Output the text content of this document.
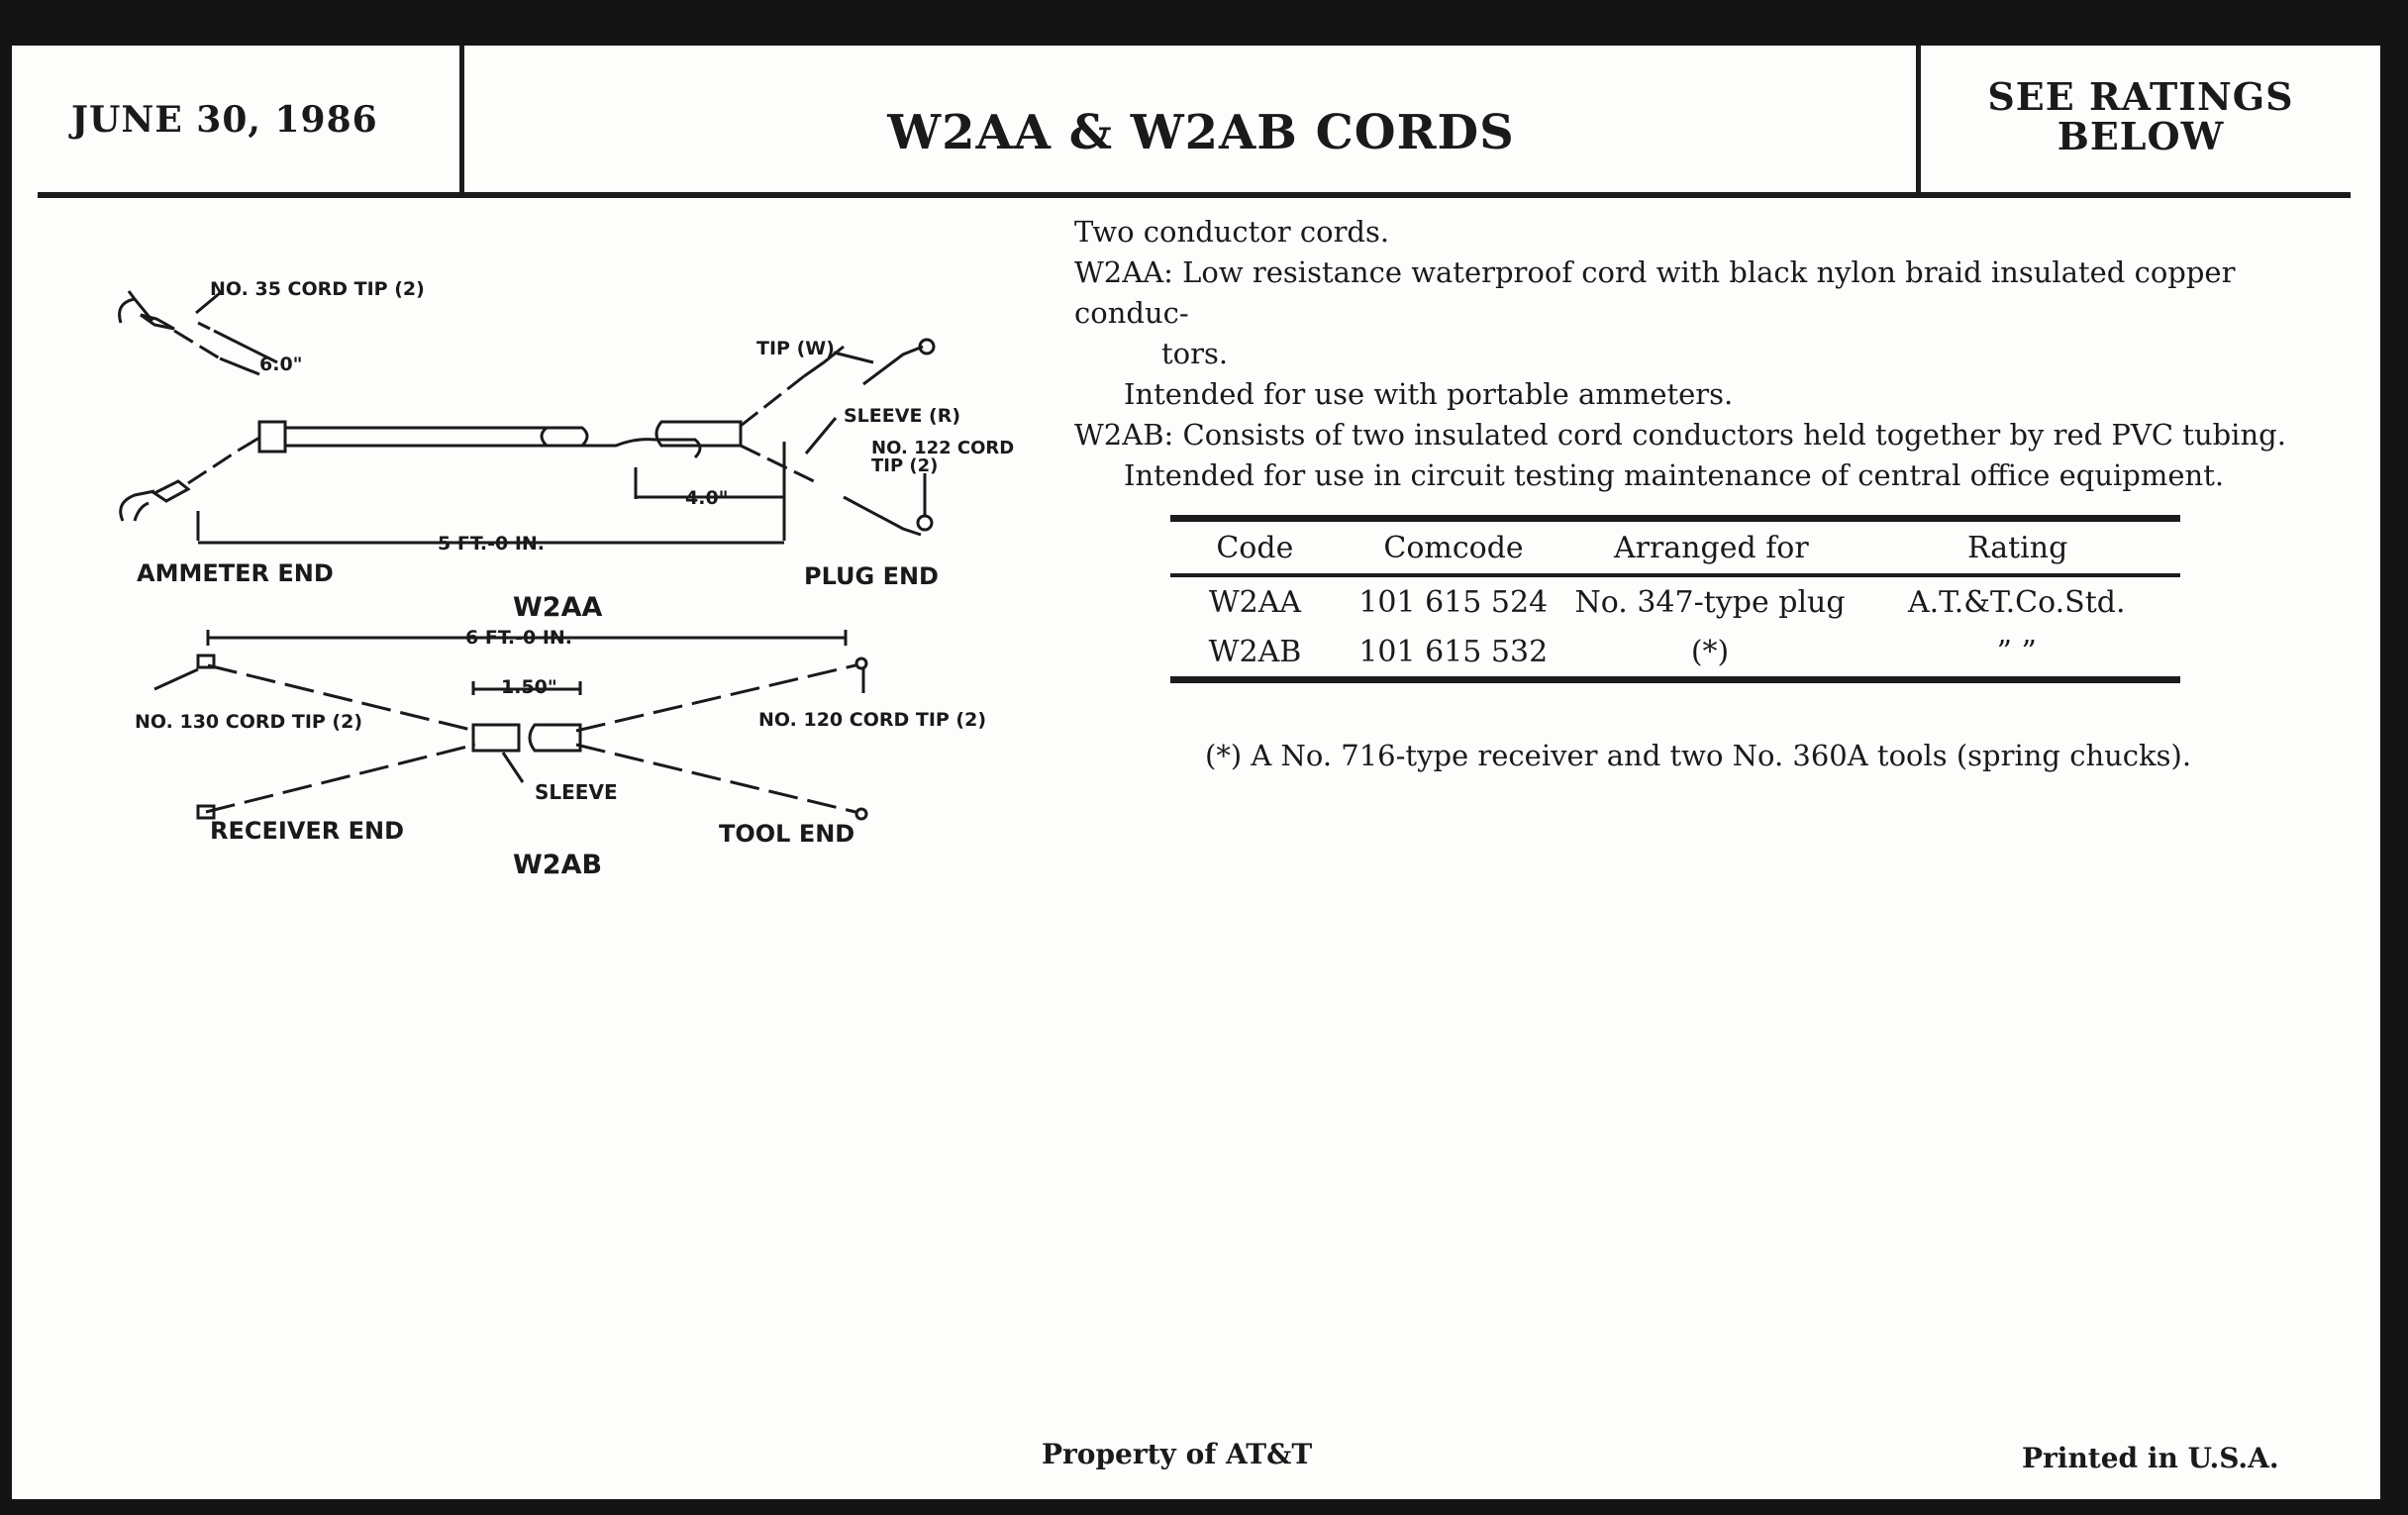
JUNE 30, 1986	W2AA & W2AB CORDS
SEE RATINGS
BELOW
NO. 35 CORD TIP (2)
6.0"
TIP (W)
SLEEVE (R)
NO. 122 CORD
TIP (2)
4.0"
5 FT.-0 IN.
AMMETER END	PLUG END
W2AA
6 FT.-0 IN.
1.50"
NO. 130 CORD TIP (2)	NO. 120 CORD TIP (2)
SLEEVE
RECEIVER END	TOOL END
W2AB

Two conductor cords.

W2AA: Low resistance waterproof cord with black nylon braid insulated copper conduc-

tors.

Intended for use with portable ammeters.

W2AB: Consists of two insulated cord conductors held together by red PVC tubing.

Intended for use in circuit testing maintenance of central office equipment.

Code	Comcode	Arranged for	Rating
W2AA	101 615 524	No. 347-type plug	A.T.&T.Co.Std.
W2AB	101 615 532	(*)	” ”
(*) A No. 716-type receiver and two No. 360A tools (spring chucks).
Property of AT&T	Printed in U.S.A.
